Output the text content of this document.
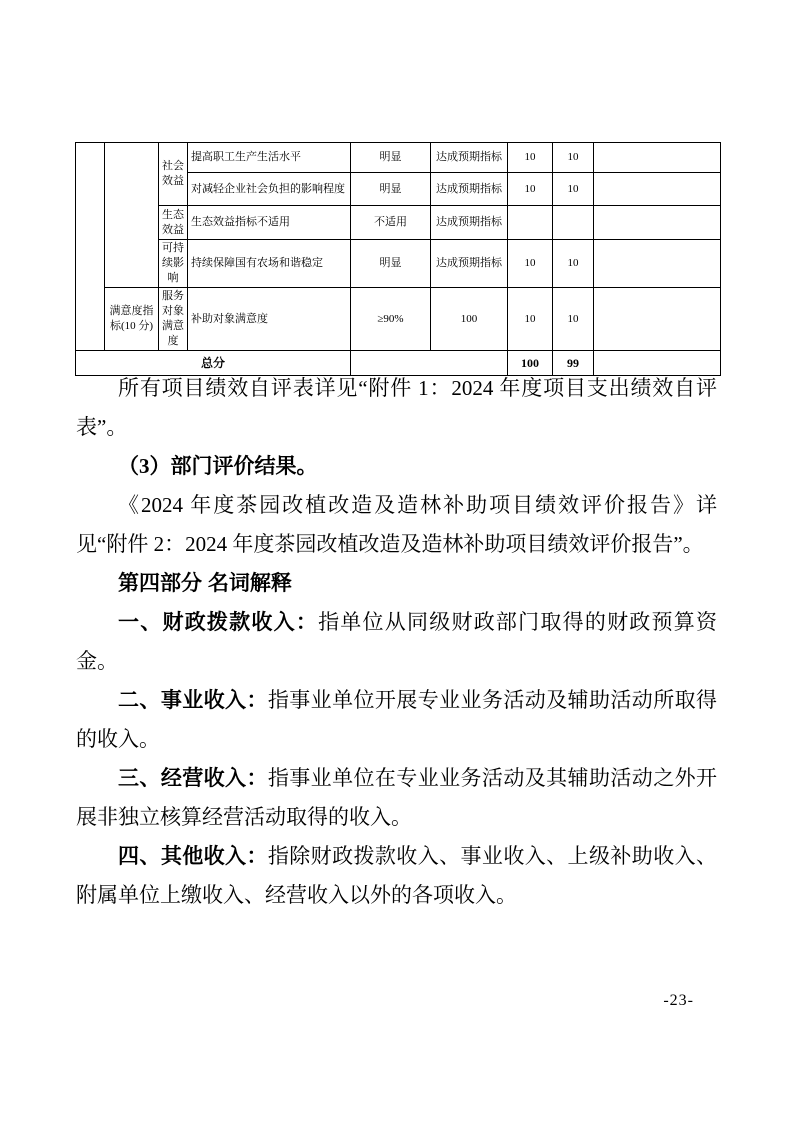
		社会效益	提高职工生产生活水平	明显	达成预期指标	10	10	
			对减轻企业社会负担的影响程度	明显	达成预期指标	10	10	
		生态效益	生态效益指标不适用	不适用	达成预期指标			
		可持续影响	持续保障国有农场和谐稳定	明显	达成预期指标	10	10	
	满意度指标(10 分)	服务对象满意度	补助对象满意度	≥90%	100	10	10	
总分						100	99	

所有项目绩效自评表详见“附件 1：2024 年度项目支出绩效自评表”。

（3）部门评价结果。

《2024 年度茶园改植改造及造林补助项目绩效评价报告》详见“附件 2：2024 年度茶园改植改造及造林补助项目绩效评价报告”。

第四部分 名词解释

一、财政拨款收入：指单位从同级财政部门取得的财政预算资金。

二、事业收入：指事业单位开展专业业务活动及辅助活动所取得的收入。

三、经营收入：指事业单位在专业业务活动及其辅助活动之外开展非独立核算经营活动取得的收入。

四、其他收入：指除财政拨款收入、事业收入、上级补助收入、附属单位上缴收入、经营收入以外的各项收入。

-23-
